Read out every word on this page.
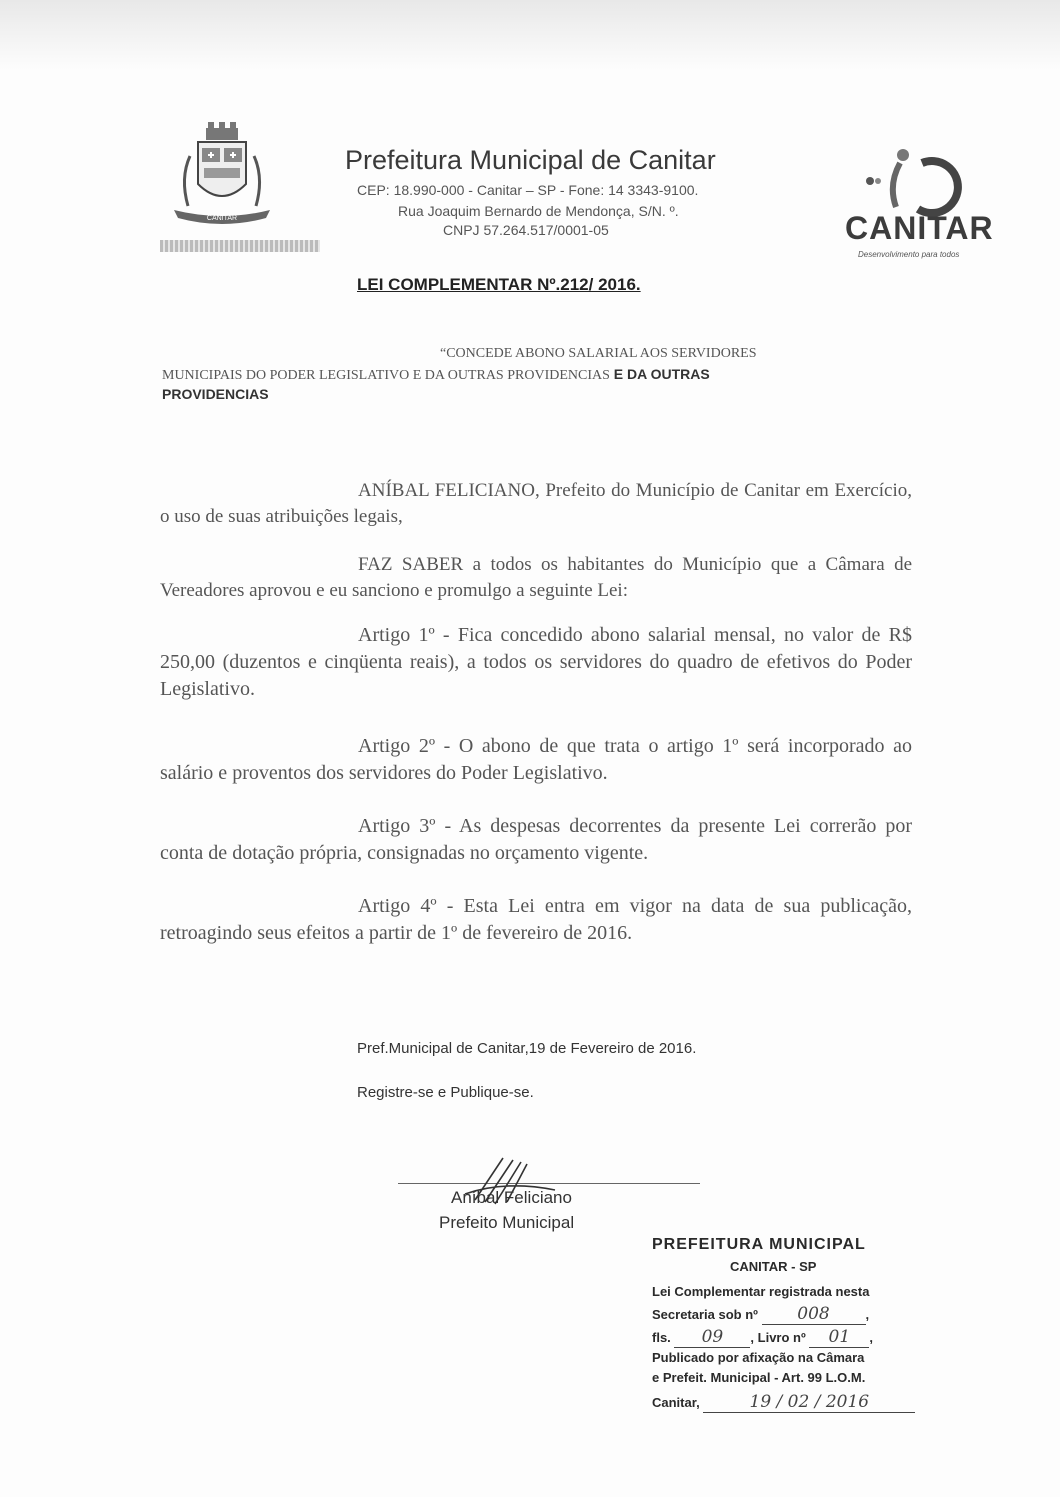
CANITAR
Prefeitura Municipal de Canitar
CEP: 18.990-000 - Canitar – SP - Fone: 14 3343-9100.
Rua Joaquim Bernardo de Mendonça, S/N. º.
CNPJ 57.264.517/0001-05	CANITAR
Desenvolvimento para todos
LEI COMPLEMENTAR Nº.212/ 2016.
“CONCEDE ABONO SALARIAL AOS SERVIDORES
MUNICIPAIS DO PODER LEGISLATIVO E DA OUTRAS PROVIDENCIAS E DA OUTRAS
PROVIDENCIAS
ANÍBAL FELICIANO, Prefeito do Município de Canitar em Exercício, o uso de suas atribuições legais,
FAZ SABER a todos os habitantes do Município que a Câmara de Vereadores aprovou e eu sanciono e promulgo a seguinte Lei:
Artigo 1º - Fica concedido abono salarial mensal, no valor de R$ 250,00 (duzentos e cinqüenta reais), a todos os servidores do quadro de efetivos do Poder Legislativo.
Artigo 2º - O abono de que trata o artigo 1º será incorporado ao salário e proventos dos servidores do Poder Legislativo.
Artigo 3º - As despesas decorrentes da presente Lei correrão por conta de dotação própria, consignadas no orçamento vigente.
Artigo 4º - Esta Lei entra em vigor na data de sua publicação, retroagindo seus efeitos a partir de 1º de fevereiro de 2016.
Pref.Municipal de Canitar,19 de Fevereiro de 2016.
Registre-se e Publique-se.
Aníbal Feliciano
Prefeito Municipal
PREFEITURA MUNICIPAL
CANITAR - SP
Lei Complementar registrada nesta
Secretaria sob nº 008	,
fls. 09 , Livro nº 01 ,
Publicado por afixação na Câmara
e Prefeit. Municipal - Art. 99 L.O.M.
Canitar,	19 / 02 / 2016
